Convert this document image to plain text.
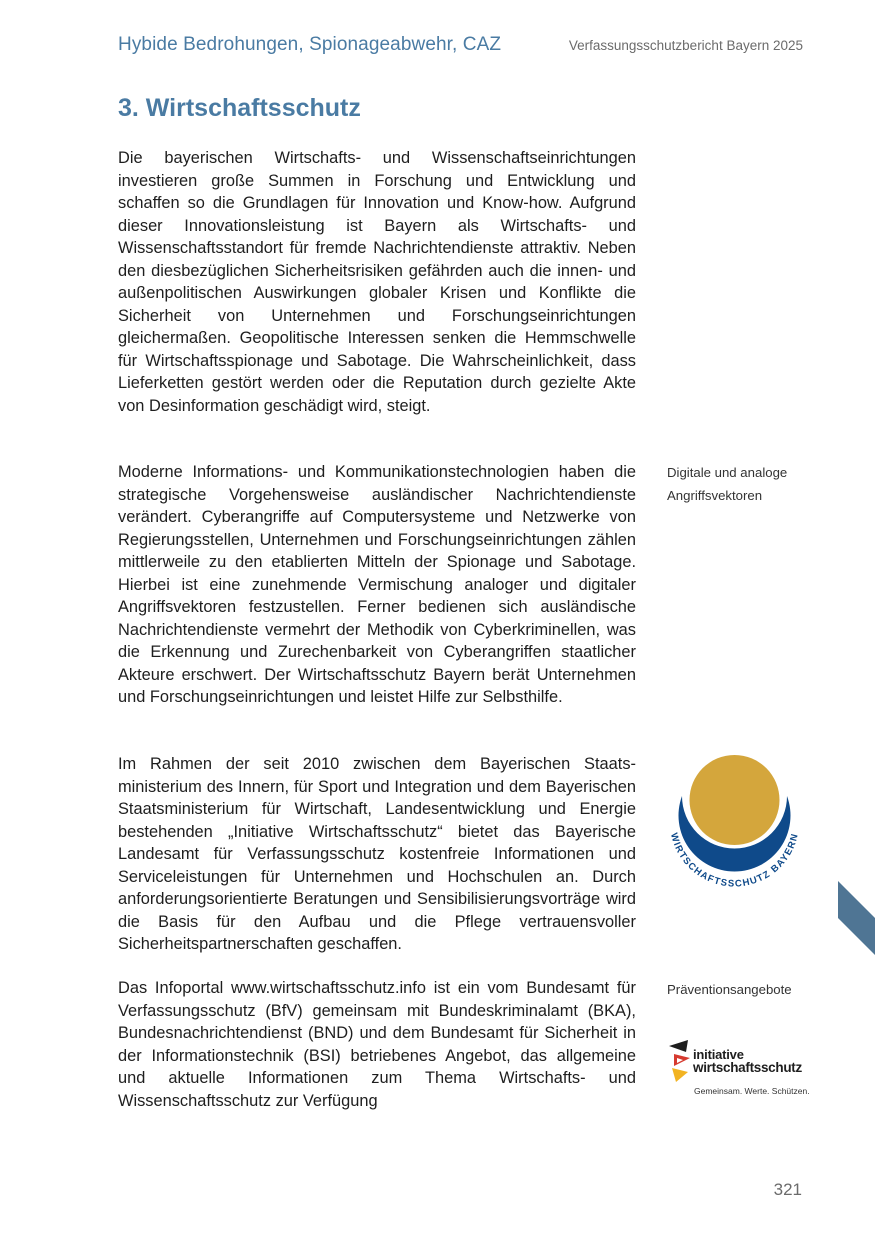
Hybide Bedrohungen, Spionageabwehr, CAZ	Verfassungsschutzbericht Bayern 2025
3. Wirtschaftsschutz

Die bayerischen Wirtschafts- und Wissenschaftseinrichtungen investieren große Summen in Forschung und Entwicklung und schaffen so die Grundlagen für Innovation und Know-how. Aufgrund dieser Innovationsleistung ist Bayern als Wirtschafts- und Wissenschaftsstandort für fremde Nachrichtendienste attraktiv. Neben den diesbezüglichen Sicherheitsrisiken gefährden auch die innen- und außenpolitischen Auswirkungen globaler Krisen und Konflikte die Sicherheit von Unternehmen und Forschungseinrichtungen gleichermaßen. Geopolitische Interessen senken die Hemmschwelle für Wirtschaftsspionage und Sabotage. Die Wahrscheinlichkeit, dass Lieferketten gestört werden oder die Reputation durch gezielte Akte von Desinformation geschädigt wird, steigt.

Moderne Informations- und Kommunikationstechnologien haben die strategische Vorgehensweise ausländischer Nachrichtendienste verändert. Cyberangriffe auf Computersysteme und Netzwerke von Regierungsstellen, Unternehmen und Forschungseinrichtungen zählen mittlerweile zu den etablierten Mitteln der Spionage und Sabotage. Hierbei ist eine zunehmende Vermischung analoger und digitaler Angriffsvektoren festzustellen. Ferner bedienen sich ausländische Nachrichtendienste vermehrt der Methodik von Cyberkriminellen, was die Erkennung und Zurechenbarkeit von Cyberangriffen staatlicher Akteure erschwert. Der Wirtschaftsschutz Bayern berät Unternehmen und Forschungseinrichtungen und leistet Hilfe zur Selbsthilfe.

Im Rahmen der seit 2010 zwischen dem Bayerischen Staatsministerium des Innern, für Sport und Integration und dem Bayerischen Staatsministerium für Wirtschaft, Landesentwicklung und Energie bestehenden „Initiative Wirtschaftsschutz“ bietet das Bayerische Landesamt für Verfassungsschutz kostenfreie Informationen und Serviceleistungen für Unternehmen und Hochschulen an. Durch anforderungsorientierte Beratungen und Sensibilisierungsvorträge wird die Basis für den Aufbau und die Pflege vertrauensvoller Sicherheitspartnerschaften geschaffen.

Das Infoportal www.wirtschaftsschutz.info ist ein vom Bundesamt für Verfassungsschutz (BfV) gemeinsam mit Bundeskriminalamt (BKA), Bundesnachrichtendienst (BND) und dem Bundesamt für Sicherheit in der Informationstechnik (BSI) betriebenes Angebot, das allgemeine und aktuelle Informationen zum Thema Wirtschafts- und Wissenschaftsschutz zur Verfügung

Digitale und analoge Angriffsvektoren
Präventionsangebote
WIRTSCHAFTSSCHUTZ BAYERN
initiative
wirtschaftsschutz
Gemeinsam. Werte. Schützen.
321
